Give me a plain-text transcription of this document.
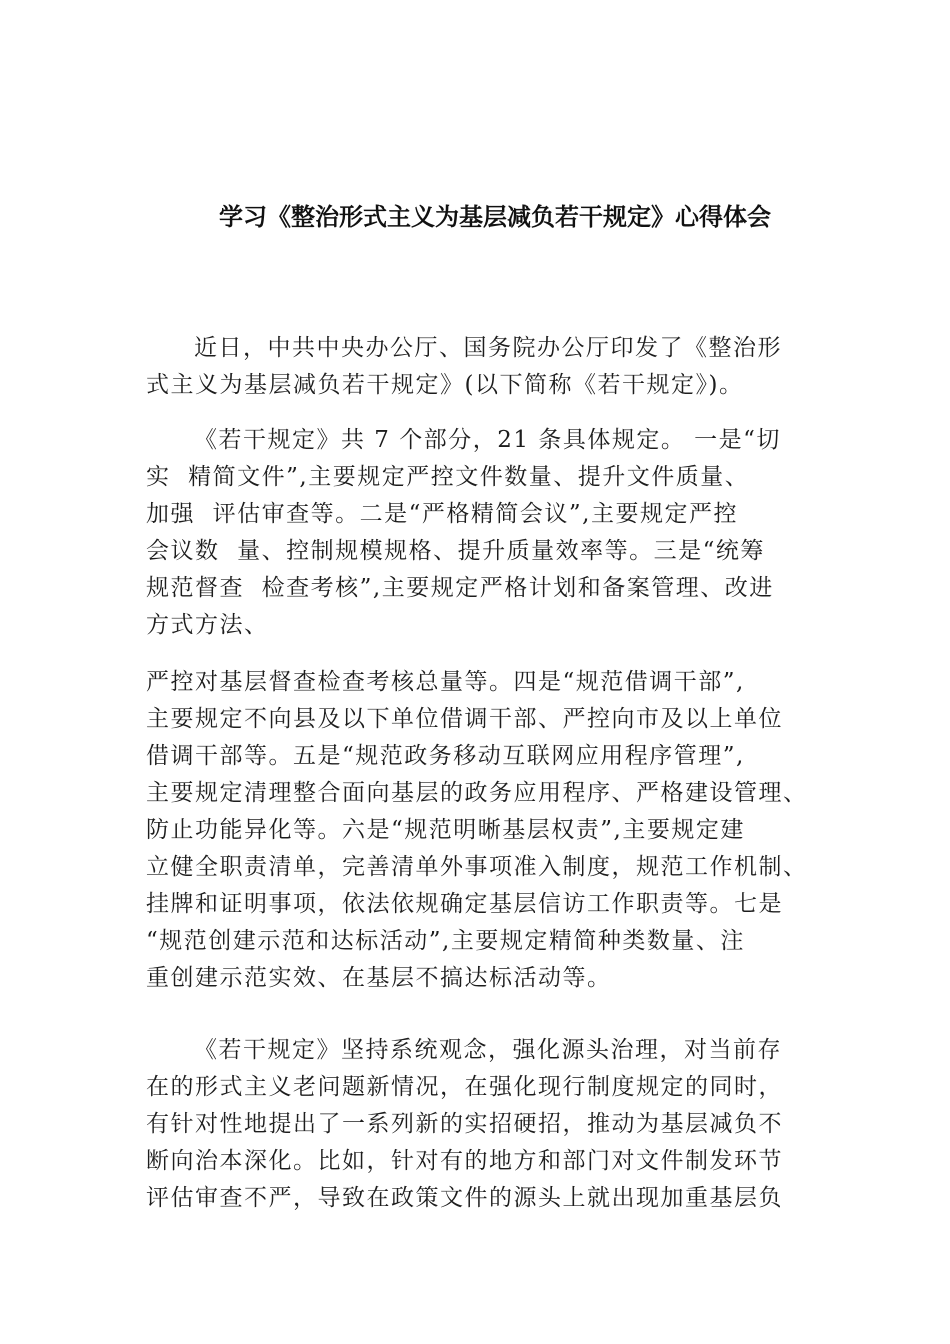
学习《整治形式主义为基层减负若干规定》心得体会
近日，中共中央办公厅、国务院办公厅印发了《整治形
式主义为基层减负若干规定》(以下简称《若干规定》)。
《若干规定》共 7 个部分，21 条具体规定。 一是“切
实  精简文件”,主要规定严控文件数量、提升文件质量、
加强  评估审查等。二是“严格精简会议”,主要规定严控
会议数  量、控制规模规格、提升质量效率等。三是“统筹
规范督查  检查考核”,主要规定严格计划和备案管理、改进
方式方法、
严控对基层督查检查考核总量等。四是“规范借调干部”,
主要规定不向县及以下单位借调干部、严控向市及以上单位
借调干部等。五是“规范政务移动互联网应用程序管理”,
主要规定清理整合面向基层的政务应用程序、严格建设管理、
防止功能异化等。六是“规范明晰基层权责”,主要规定建
立健全职责清单，完善清单外事项准入制度，规范工作机制、
挂牌和证明事项，依法依规确定基层信访工作职责等。七是
“规范创建示范和达标活动”,主要规定精简种类数量、注
重创建示范实效、在基层不搞达标活动等。
《若干规定》坚持系统观念，强化源头治理，对当前存
在的形式主义老问题新情况，在强化现行制度规定的同时，
有针对性地提出了一系列新的实招硬招，推动为基层减负不
断向治本深化。比如，针对有的地方和部门对文件制发环节
评估审查不严，导致在政策文件的源头上就出现加重基层负
